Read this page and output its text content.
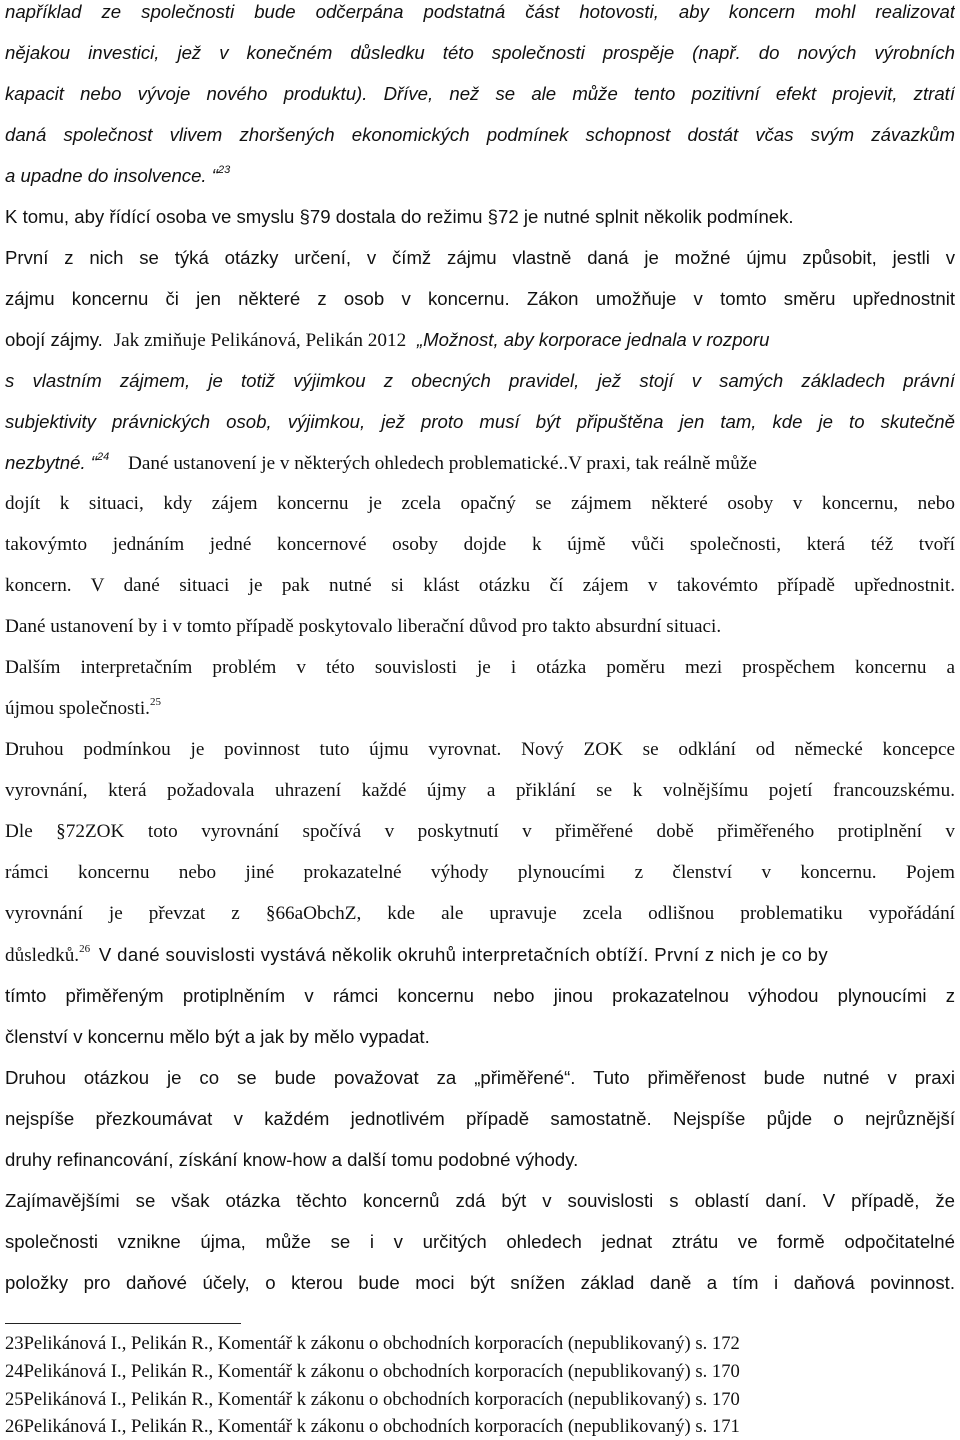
například ze společnosti bude odčerpána podstatná část hotovosti, aby koncern mohl realizovat
nějakou investici, jež v konečném důsledku této společnosti prospěje (např. do nových výrobních
kapacit nebo vývoje nového produktu). Dříve, než se ale může tento pozitivní efekt projevit, ztratí
daná společnost vlivem zhoršených ekonomických podmínek schopnost dostát včas svým závazkům
a upadne do insolvence. “$^{23}$
K tomu, aby řídící osoba ve smyslu §79 dostala do režimu §72 je nutné splnit několik podmínek.
První z nich se týká otázky určení, v čímž zájmu vlastně daná je možné újmu způsobit, jestli v
zájmu koncernu či jen některé z osob v koncernu. Zákon umožňuje v tomto směru upřednostnit
obojí zájmy. Jak zmiňuje Pelikánová, Pelikán 2012 „Možnost, aby korporace jednala v rozporu
s vlastním zájmem, je totiž výjimkou z obecných pravidel, jež stojí v samých základech právní
subjektivity právnických osob, výjimkou, jež proto musí být připuštěna jen tam, kde je to skutečně
nezbytné. “$^{24}$ Dané ustanovení je v některých ohledech problematické..V praxi, tak reálně může
dojít k situaci, kdy zájem koncernu je zcela opačný se zájmem některé osoby v koncernu, nebo
takovýmto jednáním jedné koncernové osoby dojde k újmě vůči společnosti, která též tvoří
koncern. V dané situaci je pak nutné si klást otázku čí zájem v takovémto případě upřednostnit.
Dané ustanovení by i v tomto případě poskytovalo liberační důvod pro takto absurdní situaci.
Dalším interpretačním problém v této souvislosti je i otázka poměru mezi prospěchem koncernu a
újmou společnosti.$^{25}$
Druhou podmínkou je povinnost tuto újmu vyrovnat. Nový ZOK se odklání od německé koncepce
vyrovnání, která požadovala uhrazení každé újmy a přiklání se k volnějšímu pojetí francouzskému.
Dle §72ZOK toto vyrovnání spočívá v poskytnutí v přiměřené době přiměřeného protiplnění v
rámci koncernu nebo jiné prokazatelné výhody plynoucími z členství v koncernu. Pojem
vyrovnání je převzat z §66aObchZ, kde ale upravuje zcela odlišnou problematiku vypořádání
důsledků.$^{26}$ V dané souvislosti vystává několik okruhů interpretačních obtíží. První z nich je co by
tímto přiměřeným protiplněním v rámci koncernu nebo jinou prokazatelnou výhodou plynoucími z
členství v koncernu mělo být a jak by mělo vypadat.
Druhou otázkou je co se bude považovat za „přiměřené“. Tuto přiměřenost bude nutné v praxi
nejspíše přezkoumávat v každém jednotlivém případě samostatně. Nejspíše půjde o nejrůznější
druhy refinancování, získání know-how a další tomu podobné výhody.
Zajímavějšími se však otázka těchto koncernů zdá být v souvislosti s oblastí daní. V případě, že
společnosti vznikne újma, může se i v určitých ohledech jednat ztrátu ve formě odpočitatelné
položky pro daňové účely, o kterou bude moci být snížen základ daně a tím i daňová povinnost.
23Pelikánová I., Pelikán R., Komentář k zákonu o obchodních korporacích (nepublikovaný) s. 172
24Pelikánová I., Pelikán R., Komentář k zákonu o obchodních korporacích (nepublikovaný) s. 170
25Pelikánová I., Pelikán R., Komentář k zákonu o obchodních korporacích (nepublikovaný) s. 170
26Pelikánová I., Pelikán R., Komentář k zákonu o obchodních korporacích (nepublikovaný) s. 171
